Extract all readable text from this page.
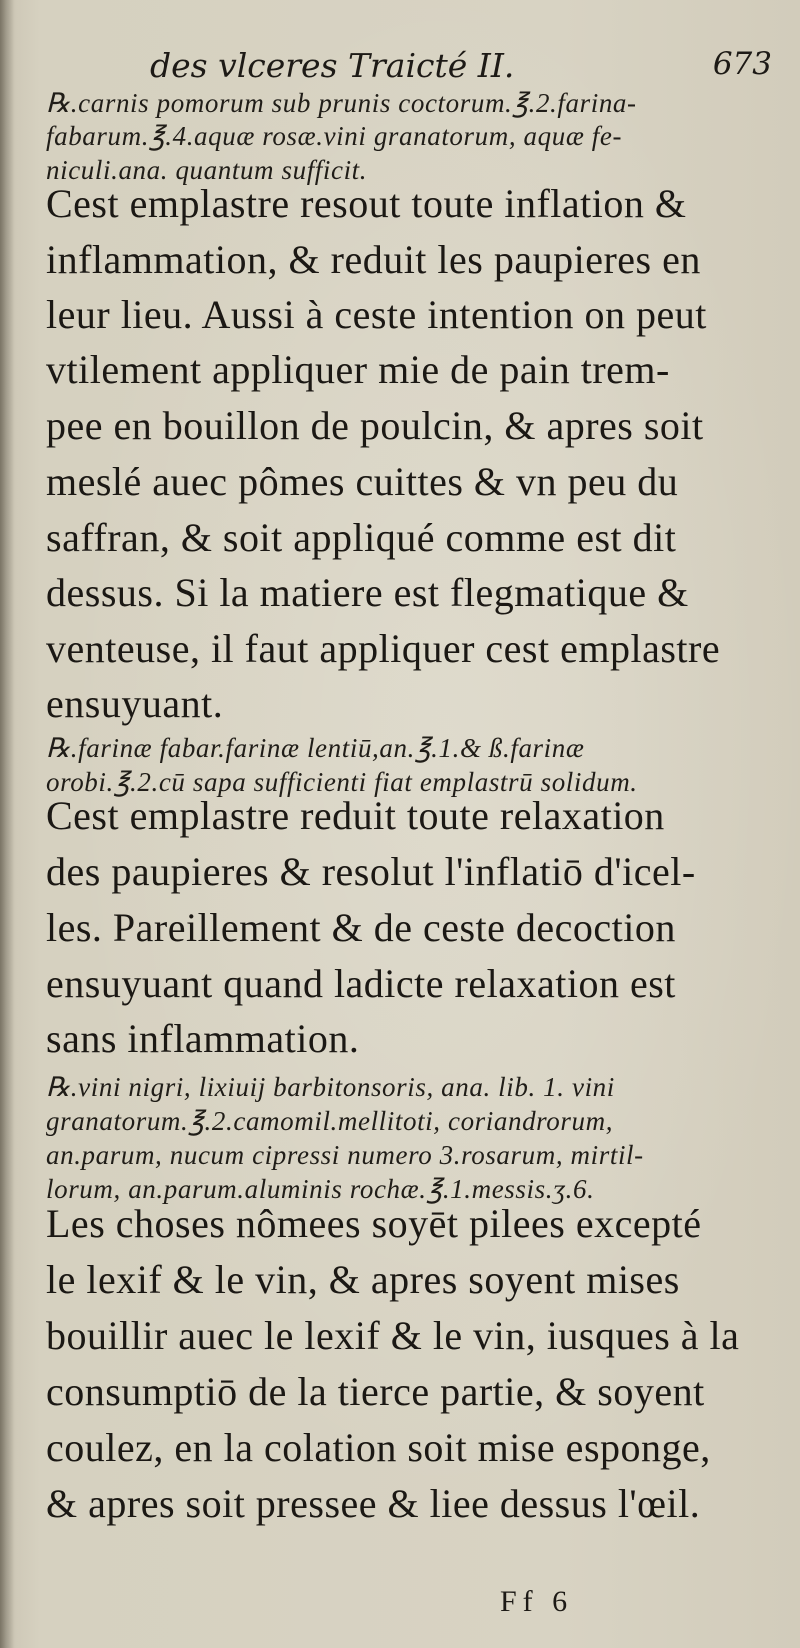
des vlceres Traicté II.	673
℞.carnis pomorum sub prunis coctorum.℥.2.farina-
fabarum.℥.4.aquæ rosæ.vini granatorum, aquæ fe-
niculi.ana. quantum sufficit.
Cest emplastre resout toute inflation &
inflammation, & reduit les paupieres en
leur lieu. Aussi à ceste intention on peut
vtilement appliquer mie de pain trem-
pee en bouillon de poulcin, & apres soit
meslé auec pômes cuittes & vn peu du
saffran, & soit appliqué comme est dit
dessus. Si la matiere est flegmatique &
venteuse, il faut appliquer cest emplastre
ensuyuant.
℞.farinæ fabar.farinæ lentiū,an.℥.1.& ß.farinæ
orobi.℥.2.cū sapa sufficienti fiat emplastrū solidum.
Cest emplastre reduit toute relaxation
des paupieres & resolut l'inflatiō d'icel-
les. Pareillement & de ceste decoction
ensuyuant quand ladicte relaxation est
sans inflammation.
℞.vini nigri, lixiuij barbitonsoris, ana. lib. 1. vini
granatorum.℥.2.camomil.mellitoti, coriandrorum,
an.parum, nucum cipressi numero 3.rosarum, mirtil-
lorum, an.parum.aluminis rochæ.℥.1.messis.ʒ.6.
Les choses nômees soyēt pilees excepté
le lexif & le vin, & apres soyent mises
bouillir auec le lexif & le vin, iusques à la
consumptiō de la tierce partie, & soyent
coulez, en la colation soit mise esponge,
& apres soit pressee & liee dessus l'œil.
Ff 6
